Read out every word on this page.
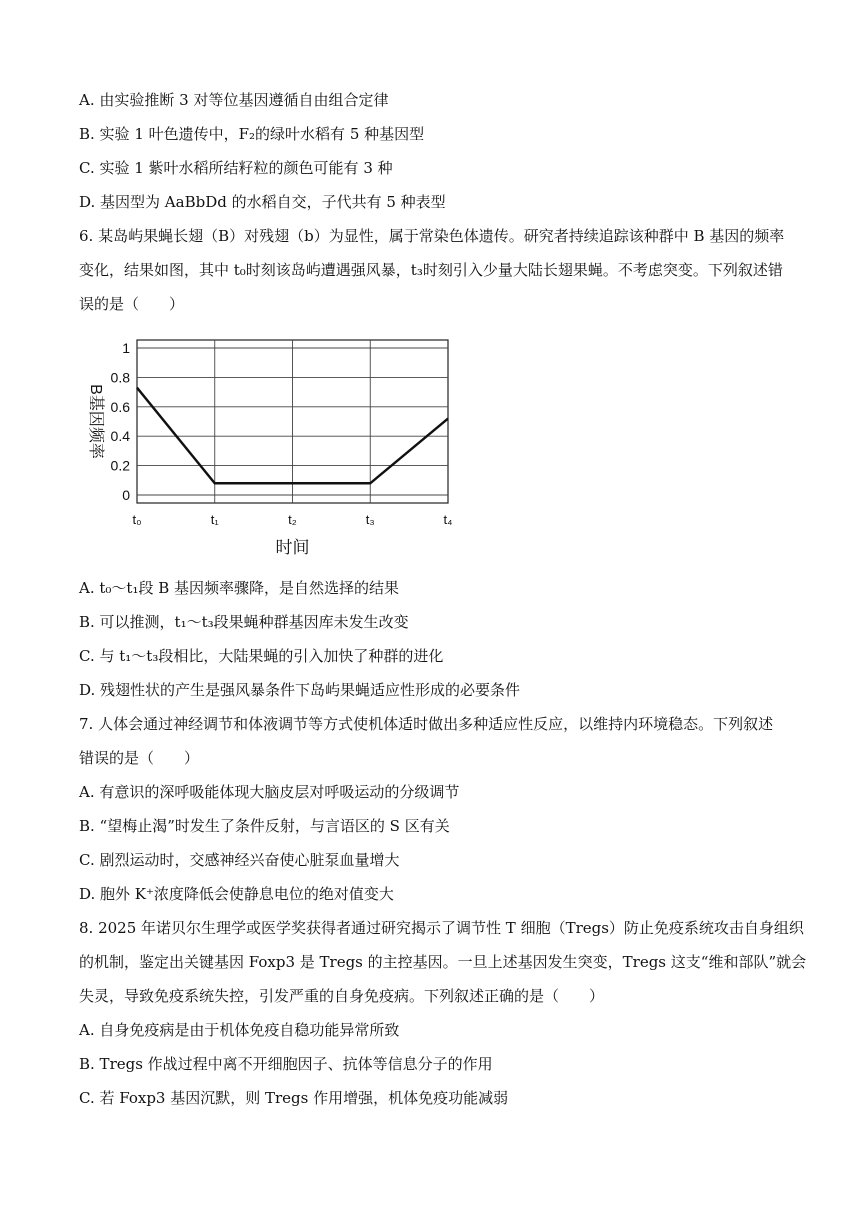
A. 由实验推断 3 对等位基因遵循自由组合定律
B. 实验 1 叶色遗传中，F₂的绿叶水稻有 5 种基因型
C. 实验 1 紫叶水稻所结籽粒的颜色可能有 3 种
D. 基因型为 AaBbDd 的水稻自交，子代共有 5 种表型
6. 某岛屿果蝇长翅（B）对残翅（b）为显性，属于常染色体遗传。研究者持续追踪该种群中 B 基因的频率
变化，结果如图，其中 t₀时刻该岛屿遭遇强风暴，t₃时刻引入少量大陆长翅果蝇。不考虑突变。下列叙述错
误的是（　　）
A. t₀～t₁段 B 基因频率骤降，是自然选择的结果
B. 可以推测，t₁～t₃段果蝇种群基因库未发生改变
C. 与 t₁～t₃段相比，大陆果蝇的引入加快了种群的进化
D. 残翅性状的产生是强风暴条件下岛屿果蝇适应性形成的必要条件
7. 人体会通过神经调节和体液调节等方式使机体适时做出多种适应性反应，以维持内环境稳态。下列叙述
错误的是（　　）
A. 有意识的深呼吸能体现大脑皮层对呼吸运动的分级调节
B. “望梅止渴”时发生了条件反射，与言语区的 S 区有关
C. 剧烈运动时，交感神经兴奋使心脏泵血量增大
D. 胞外 K⁺浓度降低会使静息电位的绝对值变大
8. 2025 年诺贝尔生理学或医学奖获得者通过研究揭示了调节性 T 细胞（Tregs）防止免疫系统攻击自身组织
的机制，鉴定出关键基因 Foxp3 是 Tregs 的主控基因。一旦上述基因发生突变，Tregs 这支“维和部队”就会
失灵，导致免疫系统失控，引发严重的自身免疫病。下列叙述正确的是（　　）
A. 自身免疫病是由于机体免疫自稳功能异常所致
B. Tregs 作战过程中离不开细胞因子、抗体等信息分子的作用
C. 若 Foxp3 基因沉默，则 Tregs 作用增强，机体免疫功能减弱
0
0.2
0.4
0.6
0.8
1
t₀	t₁	t₂	t₃	t₄
时间
B基因频率
